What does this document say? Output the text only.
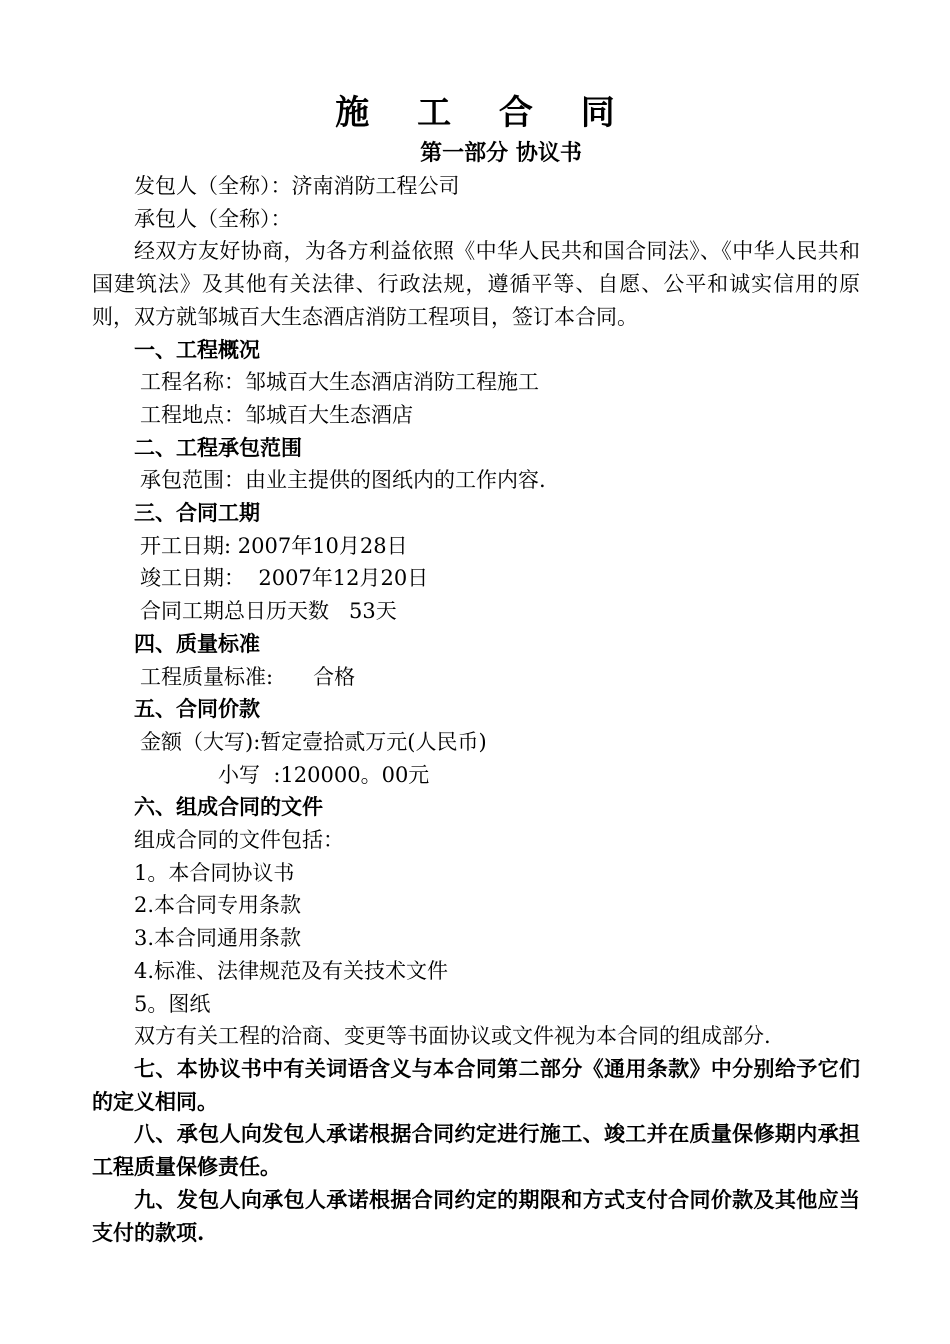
施 工 合 同
第一部分 协议书
发包人（全称）：济南消防工程公司
承包人（全称）：
经双方友好协商，为各方利益依照《中华人民共和国合同法》、《中华人民共和国建筑法》及其他有关法律、行政法规，遵循平等、自愿、公平和诚实信用的原则，双方就邹城百大生态酒店消防工程项目，签订本合同。
一、工程概况
工程名称：邹城百大生态酒店消防工程施工
工程地点：邹城百大生态酒店
二、工程承包范围
承包范围：由业主提供的图纸内的工作内容.
三、合同工期
开工日期: 2007年10月28日
竣工日期：  2007年12月20日
合同工期总日历天数   53天
四、质量标准
工程质量标准:      合格
五、合同价款
金额（大写):暂定壹拾贰万元(人民币)
小写  :120000。00元
六、组成合同的文件
组成合同的文件包括：
1。本合同协议书
2.本合同专用条款
3.本合同通用条款
4.标准、法律规范及有关技术文件
5。图纸
双方有关工程的洽商、变更等书面协议或文件视为本合同的组成部分.
七、本协议书中有关词语含义与本合同第二部分《通用条款》中分别给予它们的定义相同。
八、承包人向发包人承诺根据合同约定进行施工、竣工并在质量保修期内承担工程质量保修责任。
九、发包人向承包人承诺根据合同约定的期限和方式支付合同价款及其他应当支付的款项.
